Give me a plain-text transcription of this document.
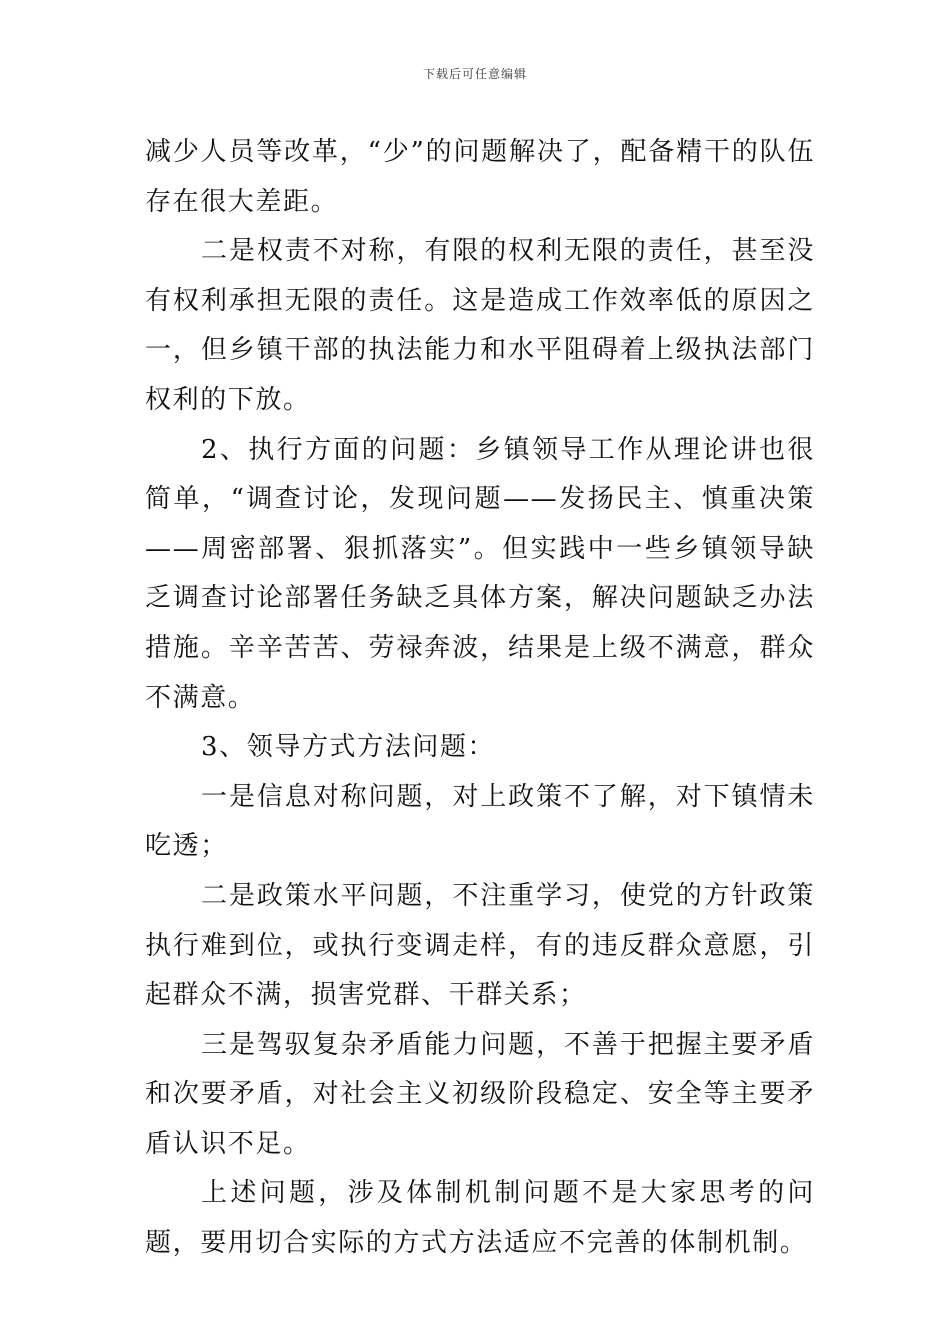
下载后可任意编辑

减少人员等改革，“少”的问题解决了，配备精干的队伍存在很大差距。

二是权责不对称，有限的权利无限的责任，甚至没有权利承担无限的责任。这是造成工作效率低的原因之一，但乡镇干部的执法能力和水平阻碍着上级执法部门权利的下放。

2、执行方面的问题：乡镇领导工作从理论讲也很简单，“调查讨论，发现问题——发扬民主、慎重决策——周密部署、狠抓落实”。但实践中一些乡镇领导缺乏调查讨论部署任务缺乏具体方案，解决问题缺乏办法措施。辛辛苦苦、劳禄奔波，结果是上级不满意，群众不满意。

3、领导方式方法问题：

一是信息对称问题，对上政策不了解，对下镇情未吃透；

二是政策水平问题，不注重学习，使党的方针政策执行难到位，或执行变调走样，有的违反群众意愿，引起群众不满，损害党群、干群关系；

三是驾驭复杂矛盾能力问题，不善于把握主要矛盾和次要矛盾，对社会主义初级阶段稳定、安全等主要矛盾认识不足。

上述问题，涉及体制机制问题不是大家思考的问题，要用切合实际的方式方法适应不完善的体制机制。
